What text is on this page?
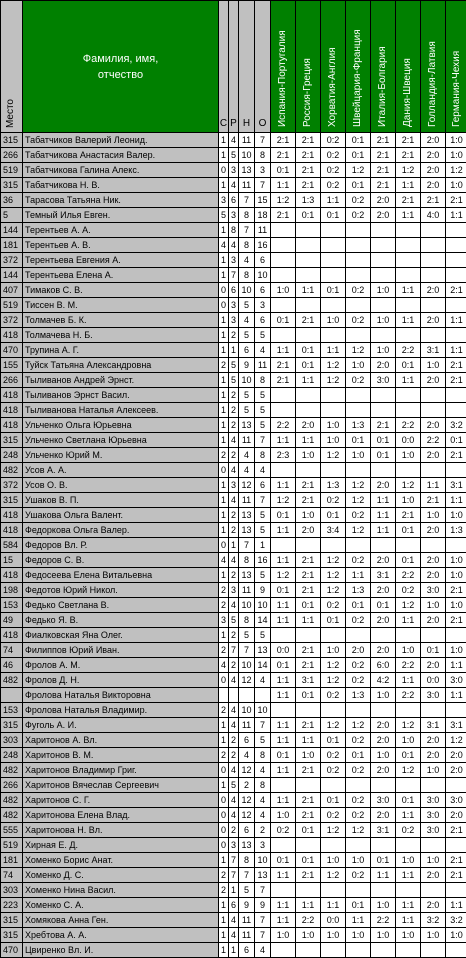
Место	Фамилия, имя,
отчество	С	Р	Н	О	Испания-Португалия	Россия-Греция	Хорватия-Англия	Швейцария-Франция	Италия-Болгария	Дания-Швеция	Голландия-Латвия	Германия-Чехия
315	Табатчиков Валерий Леонид.	1	4	11	7	2:1	2:1	0:2	0:1	2:1	2:1	2:0	1:0
266	Табатчикова Анастасия Валер.	1	5	10	8	2:1	2:1	0:2	0:1	2:1	2:1	2:0	1:0
519	Табатчикова Галина Алекс.	0	3	13	3	0:1	2:1	0:2	1:2	2:1	1:2	2:0	1:2
315	Табатчикова Н. В.	1	4	11	7	1:1	2:1	0:2	0:1	2:1	1:1	2:0	1:0
36	Тарасова Татьяна Ник.	3	6	7	15	1:2	1:3	1:1	0:2	2:0	2:1	2:1	2:1
5	Темный Илья Евген.	5	3	8	18	2:1	0:1	0:1	0:2	2:0	1:1	4:0	1:1
144	Терентьев А. А.	1	8	7	11								
181	Терентьев А. В.	4	4	8	16								
372	Терентьева Евгения А.	1	3	4	6								
144	Терентьева Елена А.	1	7	8	10								
407	Тимаков С. В.	0	6	10	6	1:0	1:1	0:1	0:2	1:0	1:1	2:0	2:1
519	Тиссен В. М.	0	3	5	3								
372	Толмачев Б. К.	1	3	4	6	0:1	2:1	1:0	0:2	1:0	1:1	2:0	1:1
418	Толмачева Н. Б.	1	2	5	5								
470	Трупина А. Г.	1	1	6	4	1:1	0:1	1:1	1:2	1:0	2:2	3:1	1:1
155	Туйск Татьяна Александровна	2	5	9	11	2:1	0:1	1:2	1:0	2:0	0:1	1:0	2:1
266	Тыливанов Андрей Эрнст.	1	5	10	8	2:1	1:1	1:2	0:2	3:0	1:1	2:0	2:1
418	Тыливанов Эрнст Васил.	1	2	5	5								
418	Тыливанова Наталья Алексеев.	1	2	5	5								
418	Ульченко Ольга Юрьевна	1	2	13	5	2:2	2:0	1:0	1:3	2:1	2:2	2:0	3:2
315	Ульченко Светлана Юрьевна	1	4	11	7	1:1	1:1	1:0	0:1	0:1	0:0	2:2	0:1
248	Ульченко Юрий М.	2	2	4	8	2:3	1:0	1:2	1:0	0:1	1:0	2:0	2:1
482	Усов А. А.	0	4	4	4								
372	Усов О. В.	1	3	12	6	1:1	2:1	1:3	1:2	2:0	1:2	1:1	3:1
315	Ушаков В. П.	1	4	11	7	1:2	2:1	0:2	1:2	1:1	1:0	2:1	1:1
418	Ушакова Ольга Валент.	1	2	13	5	0:1	1:0	0:1	0:2	1:1	2:1	1:0	1:0
418	Федоркова Ольга Валер.	1	2	13	5	1:1	2:0	3:4	1:2	1:1	0:1	2:0	1:3
584	Федоров Вл. Р.	0	1	7	1								
15	Федоров С. В.	4	4	8	16	1:1	2:1	1:2	0:2	2:0	0:1	2:0	1:0
418	Федосеева Елена Витальевна	1	2	13	5	1:2	2:1	1:2	1:1	3:1	2:2	2:0	1:0
198	Федотов Юрий Никол.	2	3	11	9	0:1	2:1	1:2	1:3	2:0	0:2	3:0	2:1
153	Федько Светлана В.	2	4	10	10	1:1	0:1	0:2	0:1	0:1	1:2	1:0	1:0
49	Федько Я. В.	3	5	8	14	1:1	1:1	0:1	0:2	2:0	1:1	2:0	2:1
418	Фиалковская Яна Олег.	1	2	5	5								
74	Филиппов Юрий Иван.	2	7	7	13	0:0	2:1	1:0	2:0	2:0	1:0	0:1	1:0
46	Фролов А. М.	4	2	10	14	0:1	2:1	1:2	0:2	6:0	2:2	2:0	1:1
482	Фролов Д. Н.	0	4	12	4	1:1	3:1	1:2	0:2	4:2	1:1	0:0	3:0
	Фролова Наталья Викторовна					1:1	0:1	0:2	1:3	1:0	2:2	3:0	1:1
153	Фролова Наталья Владимир.	2	4	10	10								
315	Фуголь А. И.	1	4	11	7	1:1	2:1	1:2	1:2	2:0	1:2	3:1	3:1
303	Харитонов А. Вл.	1	2	6	5	1:1	1:1	0:1	0:2	2:0	1:0	2:0	1:2
248	Харитонов В. М.	2	2	4	8	0:1	1:0	0:2	0:1	1:0	0:1	2:0	2:0
482	Харитонов Владимир Григ.	0	4	12	4	1:1	2:1	0:2	0:2	2:0	1:2	1:0	2:0
266	Харитонов Вячеслав Сергеевич	1	5	2	8								
482	Харитонов С. Г.	0	4	12	4	1:1	2:1	0:1	0:2	3:0	0:1	3:0	3:0
482	Харитонова Елена Влад.	0	4	12	4	1:0	2:1	0:2	0:2	2:0	1:1	3:0	2:0
555	Харитонова Н. Вл.	0	2	6	2	0:2	0:1	1:2	1:2	3:1	0:2	3:0	2:1
519	Хирная Е. Д.	0	3	13	3								
181	Хоменко Борис Анат.	1	7	8	10	0:1	0:1	1:0	1:0	0:1	1:0	1:0	2:1
74	Хоменко Д. С.	2	7	7	13	1:1	2:1	1:2	0:2	1:1	1:1	2:0	2:1
303	Хоменко Нина Васил.	2	1	5	7								
223	Хоменко С. А.	1	6	9	9	1:1	1:1	1:1	0:1	1:0	1:1	2:0	1:1
315	Хомякова Анна Ген.	1	4	11	7	1:1	2:2	0:0	1:1	2:2	1:1	3:2	3:2
315	Хребтова А. А.	1	4	11	7	1:0	1:0	1:0	1:0	1:0	1:0	1:0	1:0
470	Цвиренко Вл. И.	1	1	6	4								
